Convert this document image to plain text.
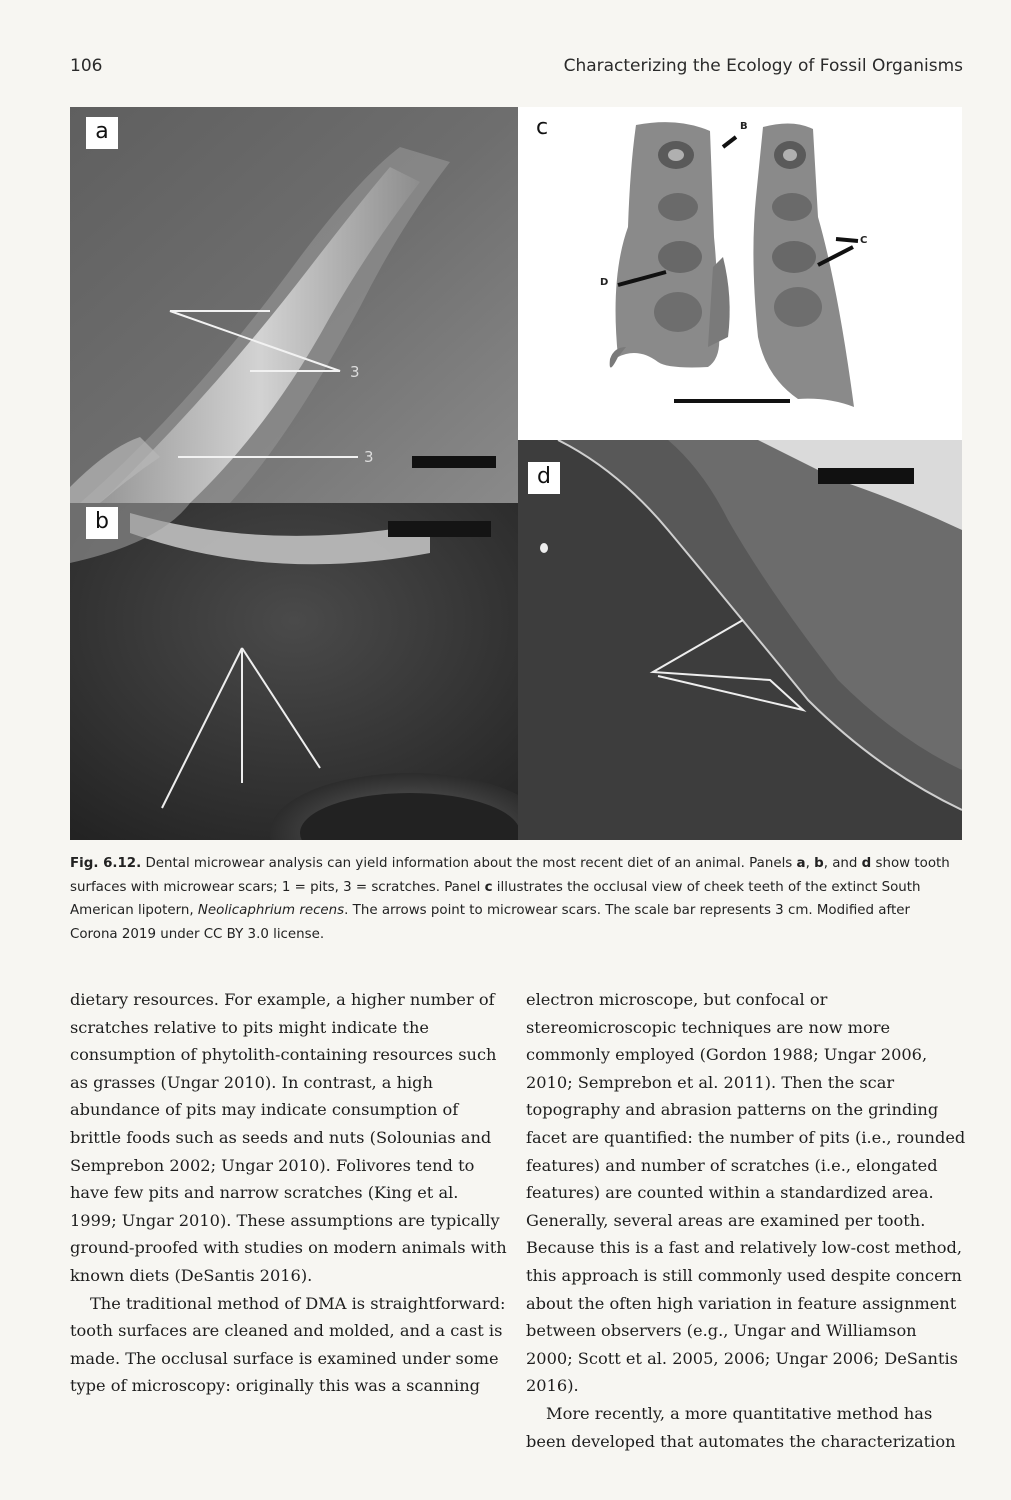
106	Characterizing the Ecology of Fossil Organisms
a
3
3
b
c	B
C
D
d
Fig. 6.12. Dental microwear analysis can yield information about the most recent diet of an animal. Panels a, b, and d show tooth surfaces with microwear scars; 1 = pits, 3 = scratches. Panel c illustrates the occlusal view of cheek teeth of the extinct South American lipotern, Neolicaphrium recens. The arrows point to microwear scars. The scale bar represents 3 cm. Modified after Corona 2019 under CC BY 3.0 license.

dietary resources. For example, a higher number of scratches relative to pits might indicate the consumption of phytolith-containing resources such as grasses (Ungar 2010). In contrast, a high abundance of pits may indicate consumption of brittle foods such as seeds and nuts (Solounias and Semprebon 2002; Ungar 2010). Folivores tend to have few pits and narrow scratches (King et al. 1999; Ungar 2010). These assumptions are typically ground-proofed with studies on modern animals with known diets (DeSantis 2016).

The traditional method of DMA is straightforward: tooth surfaces are cleaned and molded, and a cast is made. The occlusal surface is examined under some type of microscopy: originally this was a scanning

electron microscope, but confocal or stereomicroscopic techniques are now more commonly employed (Gordon 1988; Ungar 2006, 2010; Semprebon et al. 2011). Then the scar topography and abrasion patterns on the grinding facet are quantified: the number of pits (i.e., rounded features) and number of scratches (i.e., elongated features) are counted within a standardized area. Generally, several areas are examined per tooth. Because this is a fast and relatively low-cost method, this approach is still commonly used despite concern about the often high variation in feature assignment between observers (e.g., Ungar and Williamson 2000; Scott et al. 2005, 2006; Ungar 2006; DeSantis 2016).

More recently, a more quantitative method has been developed that automates the characterization
